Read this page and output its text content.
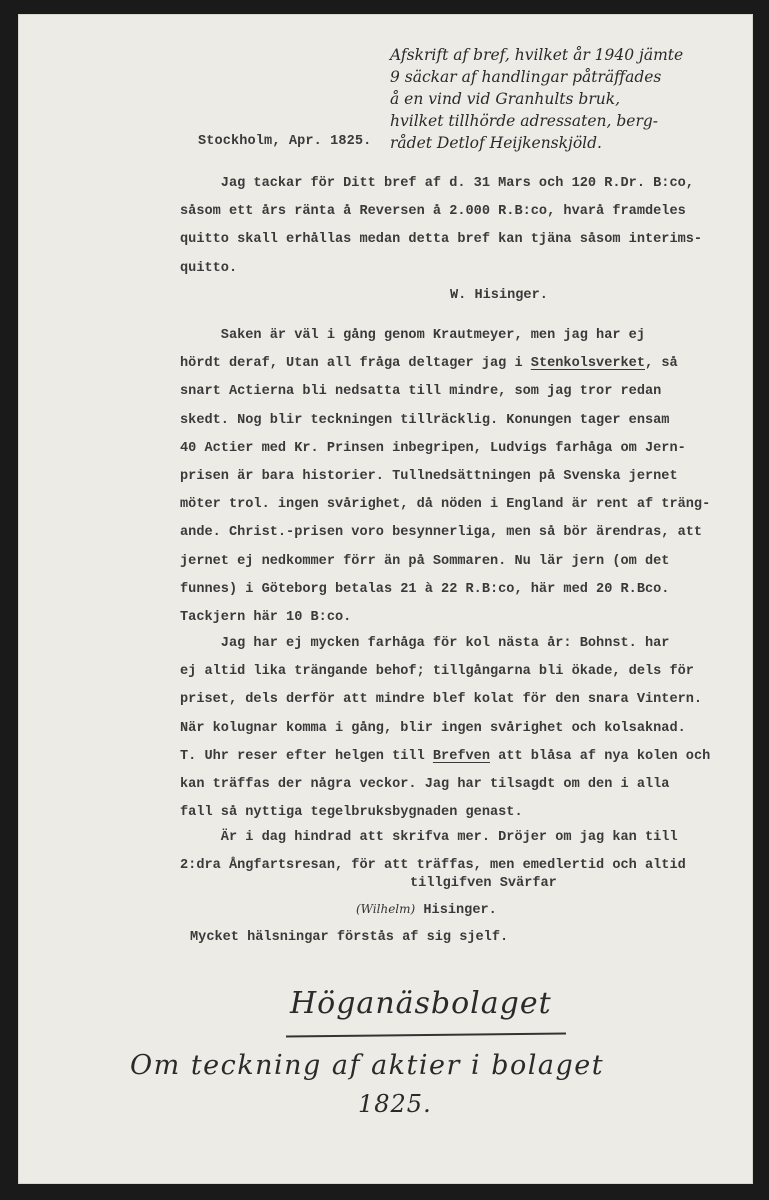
Afskrift af bref, hvilket år 1940 jämte
9 säckar af handlingar påträffades
å en vind vid Granhults bruk,
hvilket tillhörde adressaten, berg-
rådet Detlof Heijkenskjöld.
Stockholm, Apr. 1825.
Jag tackar för Ditt bref af d. 31 Mars och 120 R.Dr. B:co,
såsom ett års ränta å Reversen å 2.000 R.B:co, hvarå framdeles
quitto skall erhållas medan detta bref kan tjäna såsom interims-
quitto.
W. Hisinger.
Saken är väl i gång genom Krautmeyer, men jag har ej
hördt deraf, Utan all fråga deltager jag i Stenkolsverket, så
snart Actierna bli nedsatta till mindre, som jag tror redan
skedt. Nog blir teckningen tillräcklig. Konungen tager ensam
40 Actier med Kr. Prinsen inbegripen, Ludvigs farhåga om Jern-
prisen är bara historier. Tullnedsättningen på Svenska jernet
möter trol. ingen svårighet, då nöden i England är rent af träng-
ande. Christ.-prisen voro besynnerliga, men så bör ärendras, att
jernet ej nedkommer förr än på Sommaren. Nu lär jern (om det
funnes) i Göteborg betalas 21 à 22 R.B:co, här med 20 R.Bco.
Tackjern här 10 B:co.
Jag har ej mycken farhåga för kol nästa år: Bohnst. har
ej altid lika trängande behof; tillgångarna bli ökade, dels för
priset, dels derför att mindre blef kolat för den snara Vintern.
När kolugnar komma i gång, blir ingen svårighet och kolsaknad.
T. Uhr reser efter helgen till Brefven att blåsa af nya kolen och
kan träffas der några veckor. Jag har tilsagdt om den i alla
fall så nyttiga tegelbruksbygnaden genast.
Är i dag hindrad att skrifva mer. Dröjer om jag kan till
2:dra Ångfartsresan, för att träffas, men emedlertid och altid
tillgifven Svärfar
(Wilhelm) Hisinger.
Mycket hälsningar förstås af sig sjelf.
Höganäsbolaget
Om teckning af aktier i bolaget
1825.
